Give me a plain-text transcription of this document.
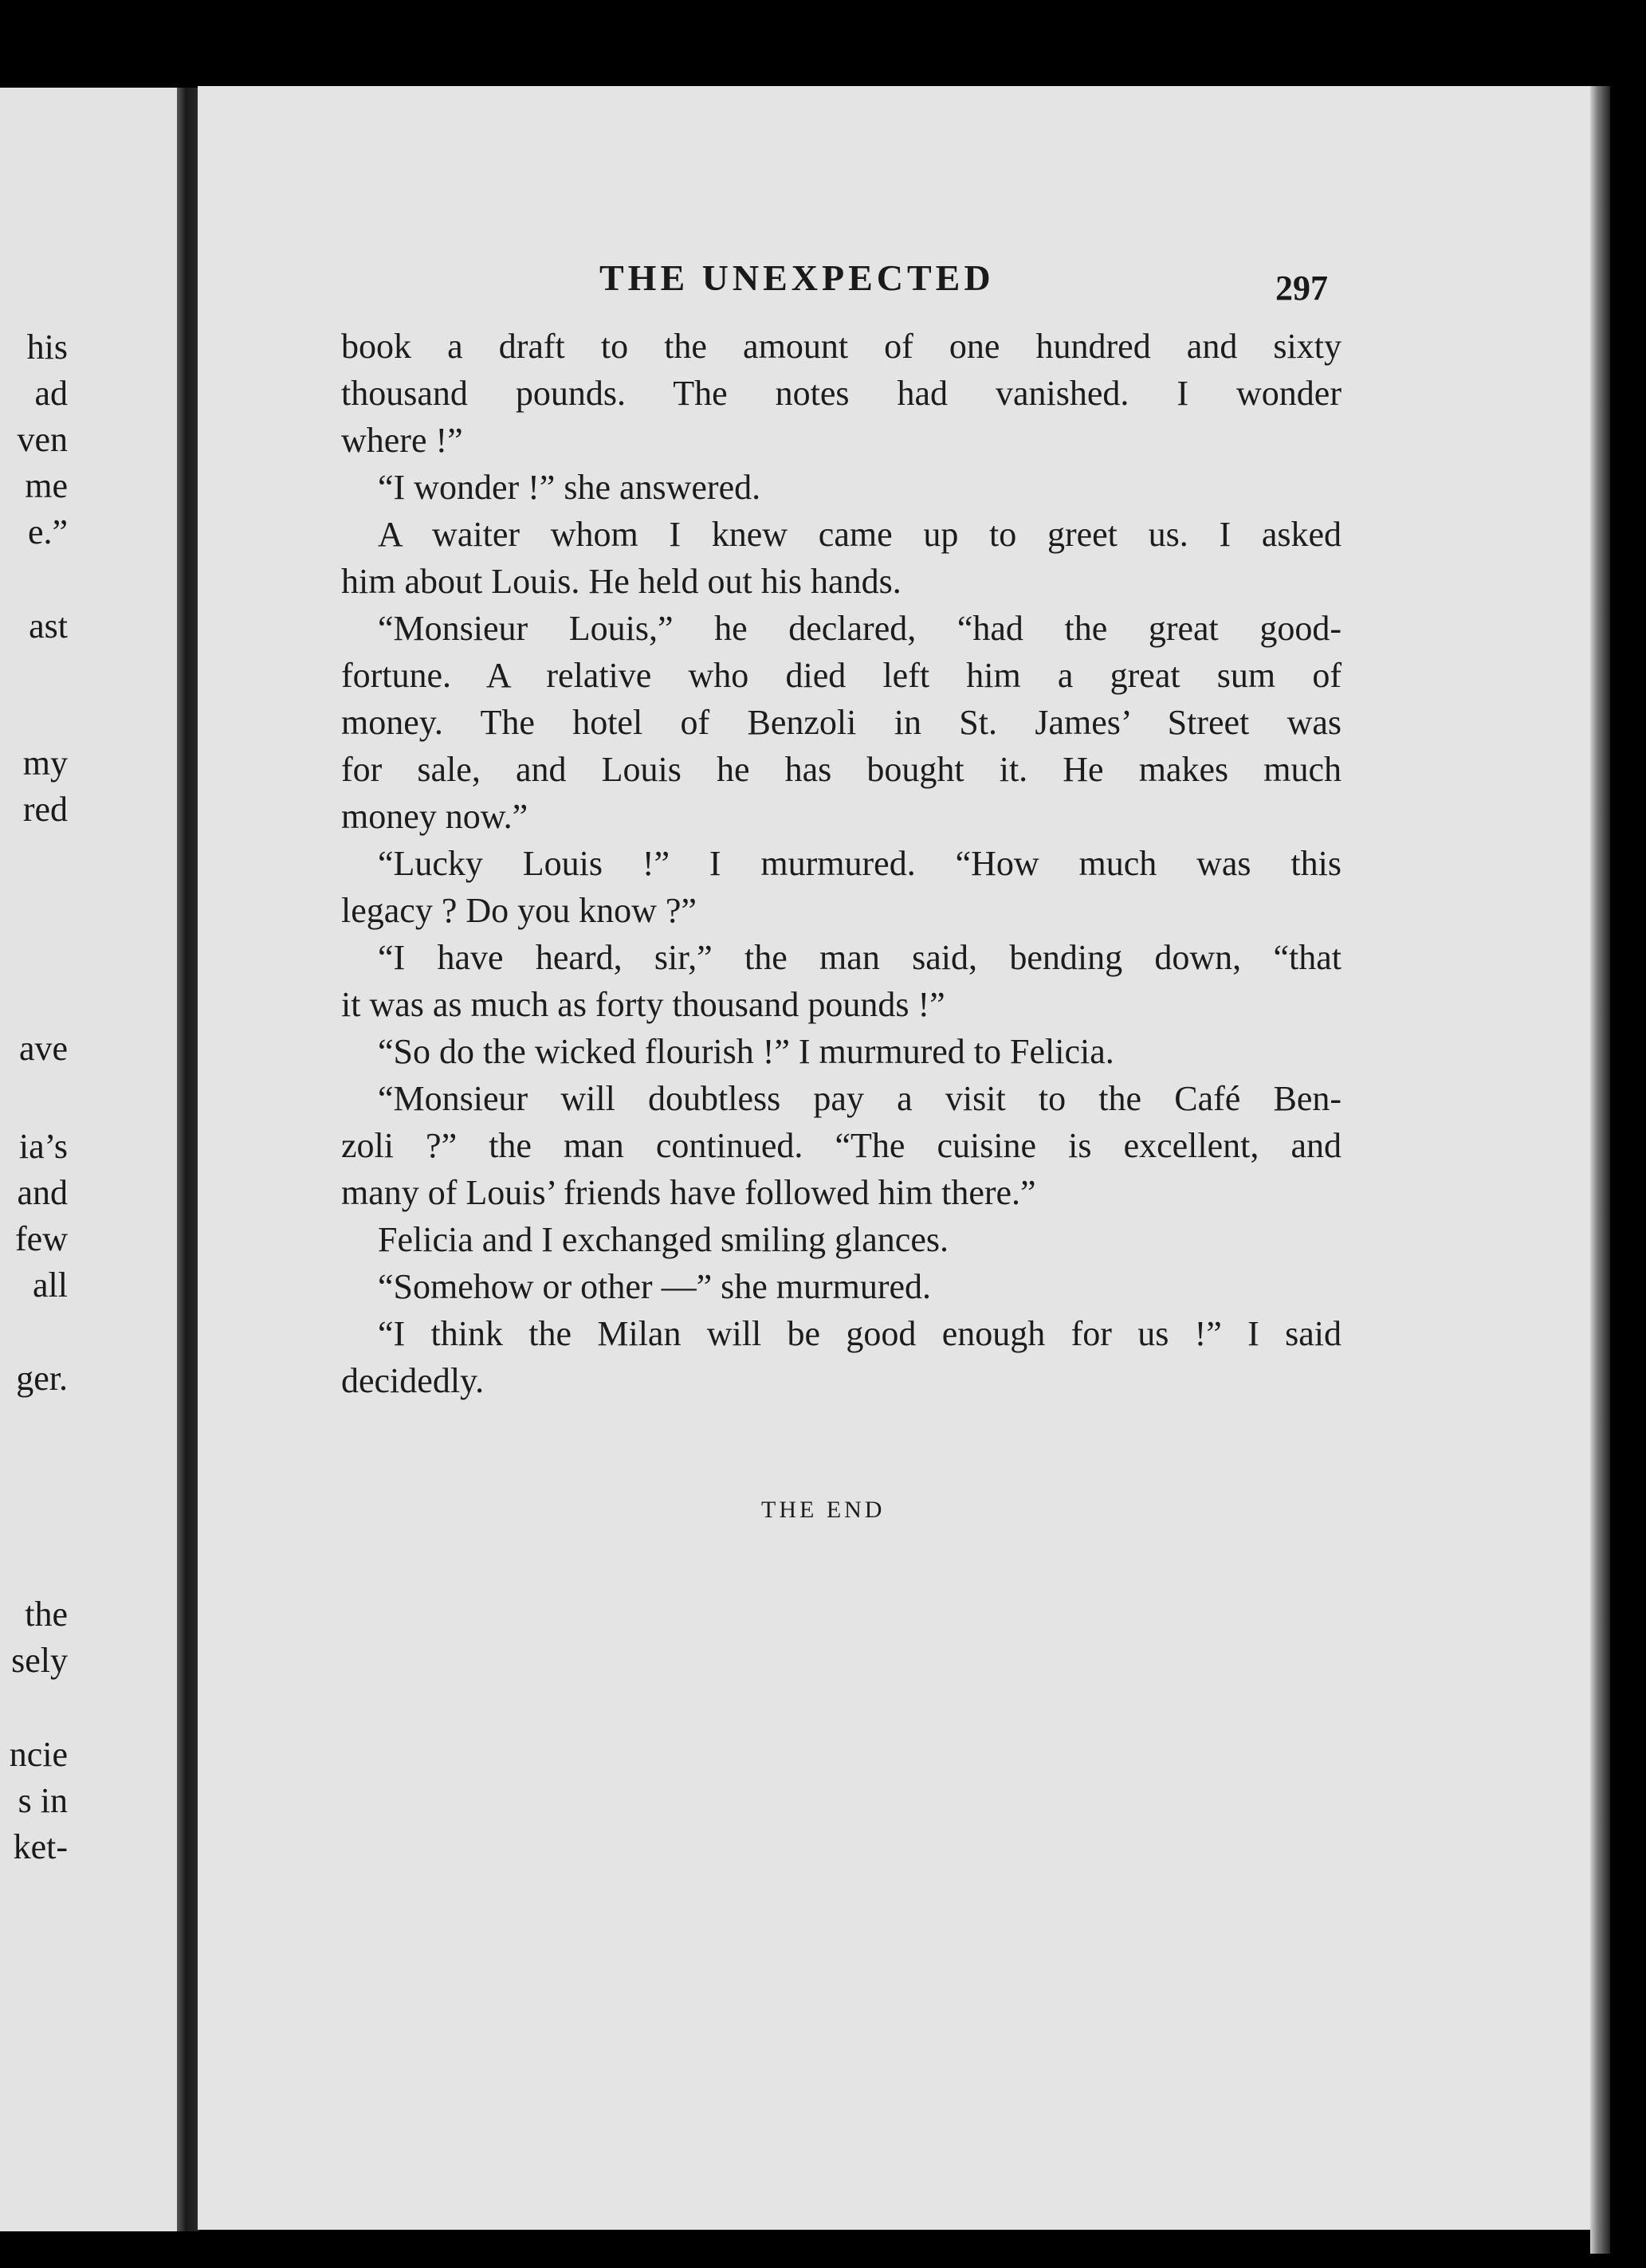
his
ad
ven
me
e.”
ast
my
red
ave
ia’s
and
few
all
ger.
the
sely
ncie
s in
ket-
THE UNEXPECTED	297
book a draft to the amount of one hundred and sixty
thousand pounds. The notes had vanished. I wonder
where !”
“I wonder !” she answered.
A waiter whom I knew came up to greet us. I asked
him about Louis. He held out his hands.
“Monsieur Louis,” he declared, “had the great good-
fortune. A relative who died left him a great sum of
money. The hotel of Benzoli in St. James’ Street was
for sale, and Louis he has bought it. He makes much
money now.”
“Lucky Louis !” I murmured. “How much was this
legacy ? Do you know ?”
“I have heard, sir,” the man said, bending down, “that
it was as much as forty thousand pounds !”
“So do the wicked flourish !” I murmured to Felicia.
“Monsieur will doubtless pay a visit to the Café Ben-
zoli ?” the man continued. “The cuisine is excellent, and
many of Louis’ friends have followed him there.”
Felicia and I exchanged smiling glances.
“Somehow or other —” she murmured.
“I think the Milan will be good enough for us !” I said
decidedly.
THE END
